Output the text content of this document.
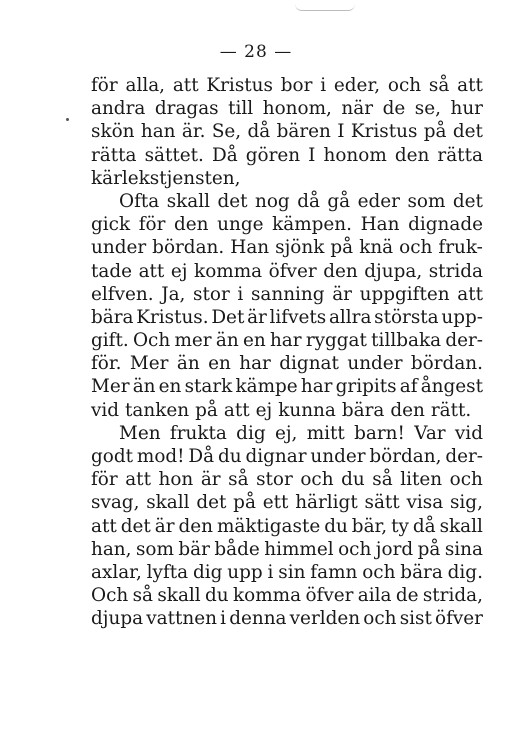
— 28 —
för alla, att Kristus bor i eder, och så att
andra dragas till honom, när de se, hur
skön han är. Se, då bären I Kristus på det
rätta sättet. Då gören I honom den rätta
kärlekstjensten,
Ofta skall det nog då gå eder som det
gick för den unge kämpen. Han dignade
under bördan. Han sjönk på knä och fruk-
tade att ej komma öfver den djupa, strida
elfven. Ja, stor i sanning är uppgiften att
bära Kristus. Det är lifvets allra största upp-
gift. Och mer än en har ryggat tillbaka der-
för. Mer än en har dignat under bördan.
Mer än en stark kämpe har gripits af ångest
vid tanken på att ej kunna bära den rätt.
Men frukta dig ej, mitt barn! Var vid
godt mod! Då du dignar under bördan, der-
för att hon är så stor och du så liten och
svag, skall det på ett härligt sätt visa sig,
att det är den mäktigaste du bär, ty då skall
han, som bär både himmel och jord på sina
axlar, lyfta dig upp i sin famn och bära dig.
Och så skall du komma öfver aila de strida,
djupa vattnen i denna verlden och sist öfver
